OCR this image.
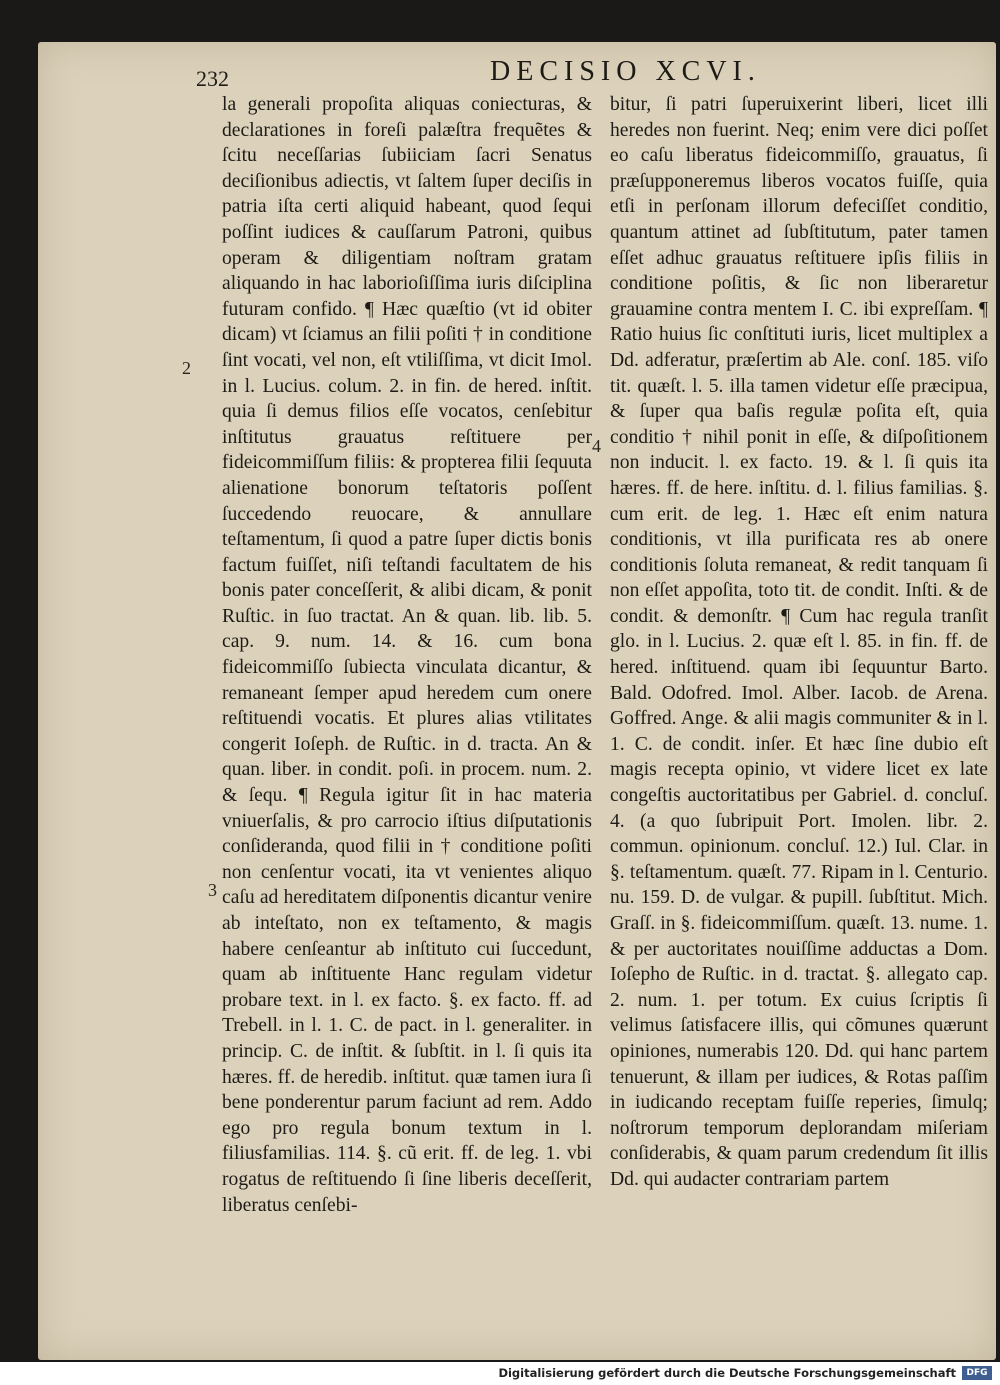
232	DECISIO XCVI.

la generali propoſita aliquas coniecturas, & declarationes in foreſi palæſtra frequẽtes & ſcitu neceſſarias ſubiiciam ſacri Senatus deciſionibus adiectis, vt ſaltem ſuper deciſis in patria iſta certi aliquid habeant, quod ſequi poſſint iudices & cauſſarum Patroni, quibus operam & diligentiam noſtram gratam aliquando in hac laborioſiſſima iuris diſciplina futuram confido. ¶ Hæc quæſtio (vt id obiter dicam) vt ſciamus an filii poſiti † in conditione ſint vocati, vel non, eſt vtiliſſima, vt dicit Imol. in l. Lucius. colum. 2. in fin. de hered. inſtit. quia ſi demus filios eſſe vocatos, cenſebitur inſtitutus grauatus reſtituere per fideicommiſſum filiis: & propterea filii ſequuta alienatione bonorum teſtatoris poſſent ſuccedendo reuocare, & annullare teſtamentum, ſi quod a patre ſuper dictis bonis factum fuiſſet, niſi teſtandi facultatem de his bonis pater conceſſerit, & alibi dicam, & ponit Ruſtic. in ſuo tractat. An & quan. lib. lib. 5. cap. 9. num. 14. & 16. cum bona fideicommiſſo ſubiecta vinculata dicantur, & remaneant ſemper apud heredem cum onere reſtituendi vocatis. Et plures alias vtilitates congerit Ioſeph. de Ruſtic. in d. tracta. An & quan. liber. in condit. poſi. in procem. num. 2. & ſequ. ¶ Regula igitur ſit in hac materia vniuerſalis, & pro carrocio iſtius diſputationis conſideranda, quod filii in † conditione poſiti non cenſentur vocati, ita vt venientes aliquo caſu ad hereditatem diſponentis dicantur venire ab inteſtato, non ex teſtamento, & magis habere cenſeantur ab inſtituto cui ſuccedunt, quam ab inſtituente Hanc regulam videtur probare text. in l. ex facto. §. ex facto. ff. ad Trebell. in l. 1. C. de pact. in l. generaliter. in princip. C. de inſtit. & ſubſtit. in l. ſi quis ita hæres. ff. de heredib. inſtitut. quæ tamen iura ſi bene ponderentur parum faciunt ad rem. Addo ego pro regula bonum textum in l. filiusfamilias. 114. §. cũ erit. ff. de leg. 1. vbi rogatus de reſtituendo ſi ſine liberis deceſſerit, liberatus cenſebi-

bitur, ſi patri ſuperuixerint liberi, licet illi heredes non fuerint. Neq; enim vere dici poſſet eo caſu liberatus fideicommiſſo, grauatus, ſi præſupponeremus liberos vocatos fuiſſe, quia etſi in perſonam illorum defeciſſet conditio, quantum attinet ad ſubſtitutum, pater tamen eſſet adhuc grauatus reſtituere ipſis filiis in conditione poſitis, & ſic non liberaretur grauamine contra mentem I. C. ibi expreſſam. ¶ Ratio huius ſic conſtituti iuris, licet multiplex a Dd. adferatur, præſertim ab Ale. conſ. 185. viſo tit. quæſt. l. 5. illa tamen videtur eſſe præcipua, & ſuper qua baſis regulæ poſita eſt, quia conditio † nihil ponit in eſſe, & diſpoſitionem non inducit. l. ex facto. 19. & l. ſi quis ita hæres. ff. de here. inſtitu. d. l. filius familias. §. cum erit. de leg. 1. Hæc eſt enim natura conditionis, vt illa purificata res ab onere conditionis ſoluta remaneat, & redit tanquam ſi non eſſet appoſita, toto tit. de condit. Inſti. & de condit. & demonſtr. ¶ Cum hac regula tranſit glo. in l. Lucius. 2. quæ eſt l. 85. in fin. ff. de hered. inſtituend. quam ibi ſequuntur Barto. Bald. Odofred. Imol. Alber. Iacob. de Arena. Goffred. Ange. & alii magis communiter & in l. 1. C. de condit. inſer. Et hæc ſine dubio eſt magis recepta opinio, vt videre licet ex late congeſtis auctoritatibus per Gabriel. d. concluſ. 4. (a quo ſubripuit Port. Imolen. libr. 2. commun. opinionum. concluſ. 12.) Iul. Clar. in §. teſtamentum. quæſt. 77. Ripam in l. Centurio. nu. 159. D. de vulgar. & pupill. ſubſtitut. Mich. Graſſ. in §. fideicommiſſum. quæſt. 13. nume. 1. & per auctoritates nouiſſime adductas a Dom. Ioſepho de Ruſtic. in d. tractat. §. allegato cap. 2. num. 1. per totum. Ex cuius ſcriptis ſi velimus ſatisfacere illis, qui cõmunes quærunt opiniones, numerabis 120. Dd. qui hanc partem tenuerunt, & illam per iudices, & Rotas paſſim in iudicando receptam fuiſſe reperies, ſimulq; noſtrorum temporum deplorandam miſeriam conſiderabis, & quam parum credendum ſit illis Dd. qui audacter contrariam partem

2
3
4
Digitalisierung gefördert durch die Deutsche Forschungsgemeinschaft	DFG
